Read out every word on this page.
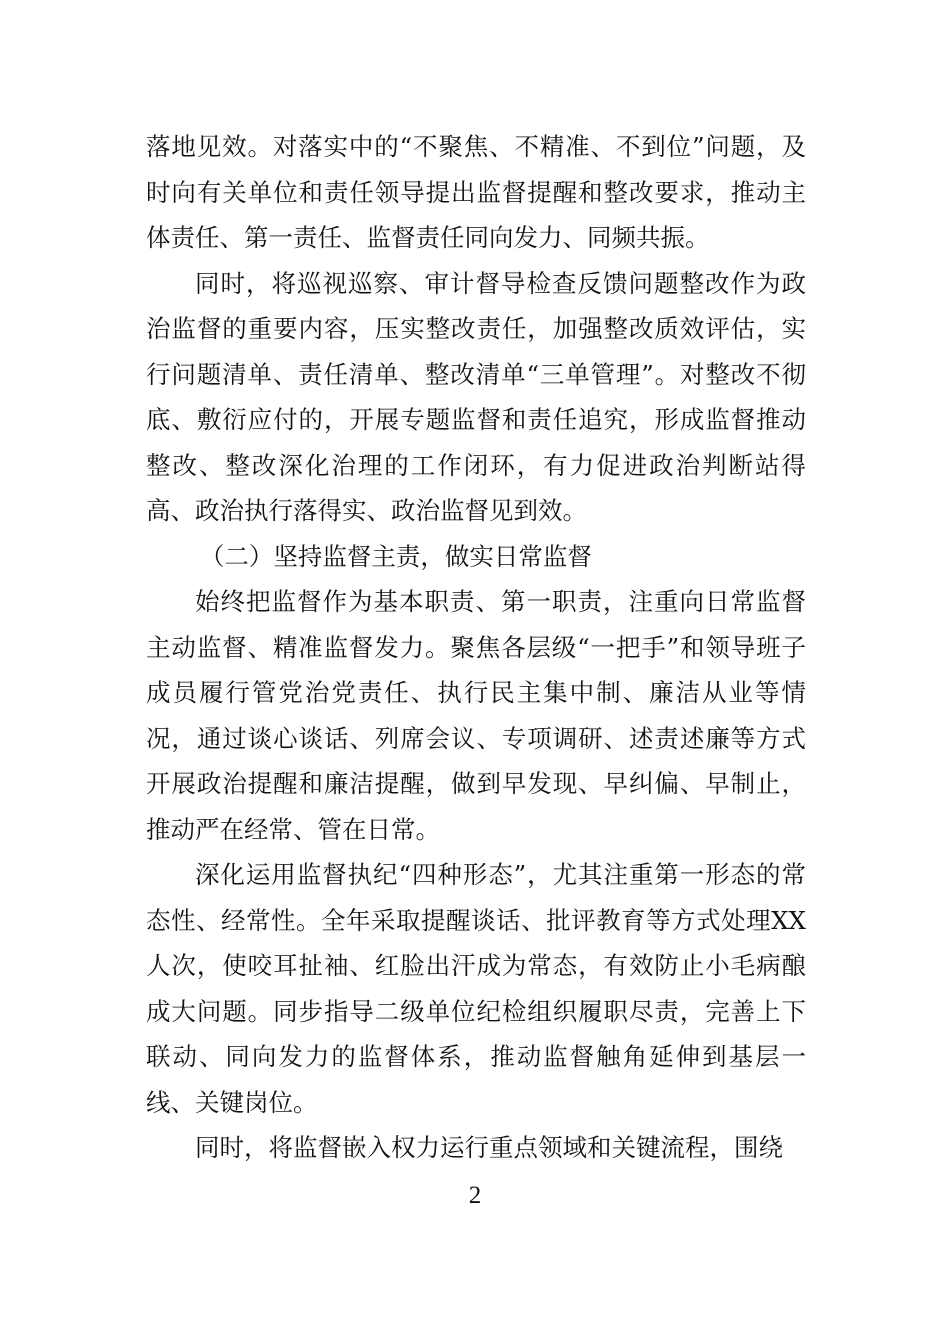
落地见效。对落实中的“不聚焦、不精准、不到位”问题，及时向有关单位和责任领导提出监督提醒和整改要求，推动主体责任、第一责任、监督责任同向发力、同频共振。

同时，将巡视巡察、审计督导检查反馈问题整改作为政治监督的重要内容，压实整改责任，加强整改质效评估，实行问题清单、责任清单、整改清单“三单管理”。对整改不彻底、敷衍应付的，开展专题监督和责任追究，形成监督推动整改、整改深化治理的工作闭环，有力促进政治判断站得高、政治执行落得实、政治监督见到效。

（二）坚持监督主责，做实日常监督

始终把监督作为基本职责、第一职责，注重向日常监督主动监督、精准监督发力。聚焦各层级“一把手”和领导班子成员履行管党治党责任、执行民主集中制、廉洁从业等情况，通过谈心谈话、列席会议、专项调研、述责述廉等方式开展政治提醒和廉洁提醒，做到早发现、早纠偏、早制止，推动严在经常、管在日常。

深化运用监督执纪“四种形态”，尤其注重第一形态的常态性、经常性。全年采取提醒谈话、批评教育等方式处理XX人次，使咬耳扯袖、红脸出汗成为常态，有效防止小毛病酿成大问题。同步指导二级单位纪检组织履职尽责，完善上下联动、同向发力的监督体系，推动监督触角延伸到基层一线、关键岗位。

同时，将监督嵌入权力运行重点领域和关键流程，围绕

2
